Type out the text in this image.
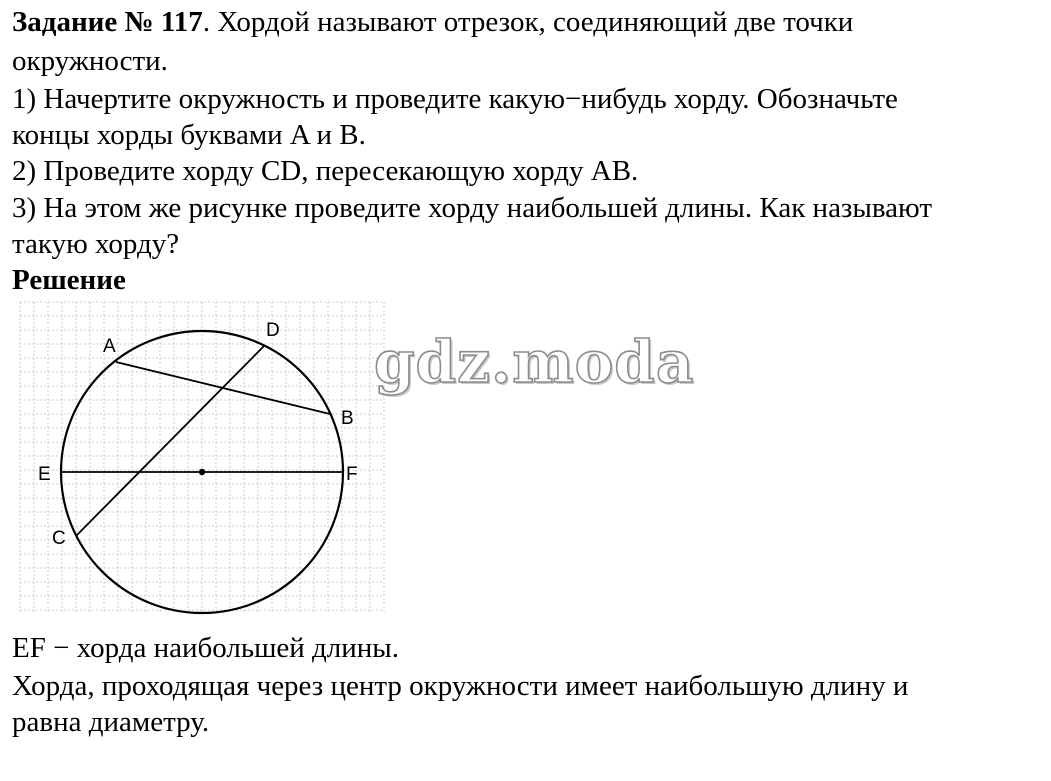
Задание № 117. Хордой называют отрезок, соединяющий две точки
окружности.
1) Начертите окружность и проведите какую−нибудь хорду. Обозначьте
концы хорды буквами A и B.
2) Проведите хорду CD, пересекающую хорду AB.
3) На этом же рисунке проведите хорду наибольшей длины. Как называют
такую хорду?
Решение
A
D
B
E	F
C
gdz.moda
EF − хорда наибольшей длины.
Хорда, проходящая через центр окружности имеет наибольшую длину и
равна диаметру.
